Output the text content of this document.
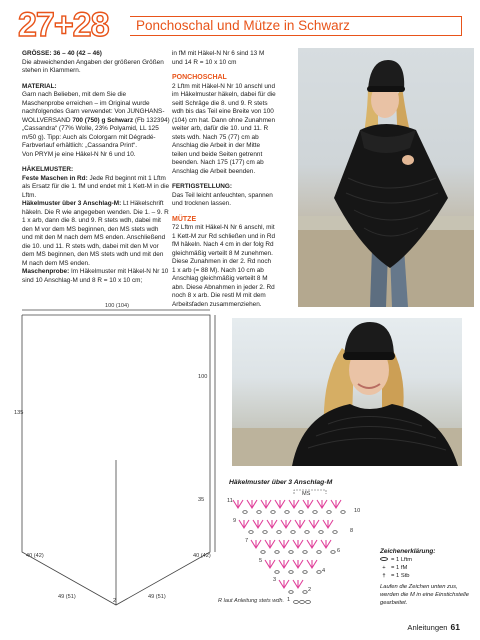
27+28 Ponchoschal und Mütze in Schwarz

GRÖSSE: 36 – 40 (42 – 46)

Die abweichenden Angaben der größeren Größen stehen in Klammern.

MATERIAL:

Garn nach Belieben, mit dem Sie die Maschenprobe erreichen – im Original wurde nachfolgendes Garn verwendet: Von JUNGHANS-WOLLVERSAND 700 (750) g Schwarz (Fb 132394) „Cassandra“ (77% Wolle, 23% Polyamid, LL 125 m/50 g). Tipp: Auch als Colorgarn mit Dégradé-Farbverlauf erhältlich: „Cassandra Print“.

Von PRYM je eine Häkel-N Nr 6 und 10.

HÄKELMUSTER:

Feste Maschen in Rd: Jede Rd beginnt mit 1 Lftm als Ersatz für die 1. fM und endet mit 1 Kett-M in die Lftm.

Häkelmuster über 3 Anschlag-M: Lt Häkelschrift häkeln. Die R wie angegeben wenden. Die 1. – 9. R 1 x arb, dann die 8. und 9. R stets wdh, dabei mit den M vor dem MS beginnen, den MS stets wdh und mit den M nach dem MS enden. Anschließend die 10. und 11. R stets wdh, dabei mit den M vor dem MS beginnen, den MS stets wdh und mit den M nach dem MS enden.

Maschenprobe: Im Häkelmuster mit Häkel-N Nr 10 sind 10 Anschlag-M und 8 R = 10 x 10 cm;

in fM mit Häkel-N Nr 6 sind 13 M und 14 R = 10 x 10 cm

PONCHOSCHAL

2 Lftm mit Häkel-N Nr 10 anschl und im Häkelmuster häkeln, dabei für die seitl Schräge die 8. und 9. R stets wdh bis das Teil eine Breite von 100 (104) cm hat. Dann ohne Zunahmen weiter arb, dafür die 10. und 11. R stets wdh. Nach 75 (77) cm ab Anschlag die Arbeit in der Mitte teilen und beide Seiten getrennt beenden. Nach 175 (177) cm ab Anschlag die Arbeit beenden.

FERTIGSTELLUNG:

Das Teil leicht anfeuchten, spannen und trocknen lassen.

MÜTZE

72 Lftm mit Häkel-N Nr 6 anschl, mit 1 Kett-M zur Rd schließen und in Rd fM häkeln. Nach 4 cm in der folg Rd gleichmäßig verteilt 8 M zunehmen. Diese Zunahmen in der 2. Rd noch 1 x arb (= 88 M). Nach 10 cm ab Anschlag gleichmäßig verteilt 8 M abn. Diese Abnahmen in jeder 2. Rd noch 8 x arb. Die restl M mit dem Arbeitsfaden zusammenziehen.

100 (104)
135
100
35
40 (42)	40 (42)
49 (51)
2
49 (51)
Häkelmuster über 3 Anschlag-M
MS
11
9
7
5
3
1
10
8
6
4
2
R laut Anleitung stets wdh.
Zeichenerklärung:
= 1 Lftm
+ = 1 fM
† = 1 Stb
Laufen die Zeichen unten zus, werden die M in eine Einstichstelle gearbeitet.
Anleitungen 61
